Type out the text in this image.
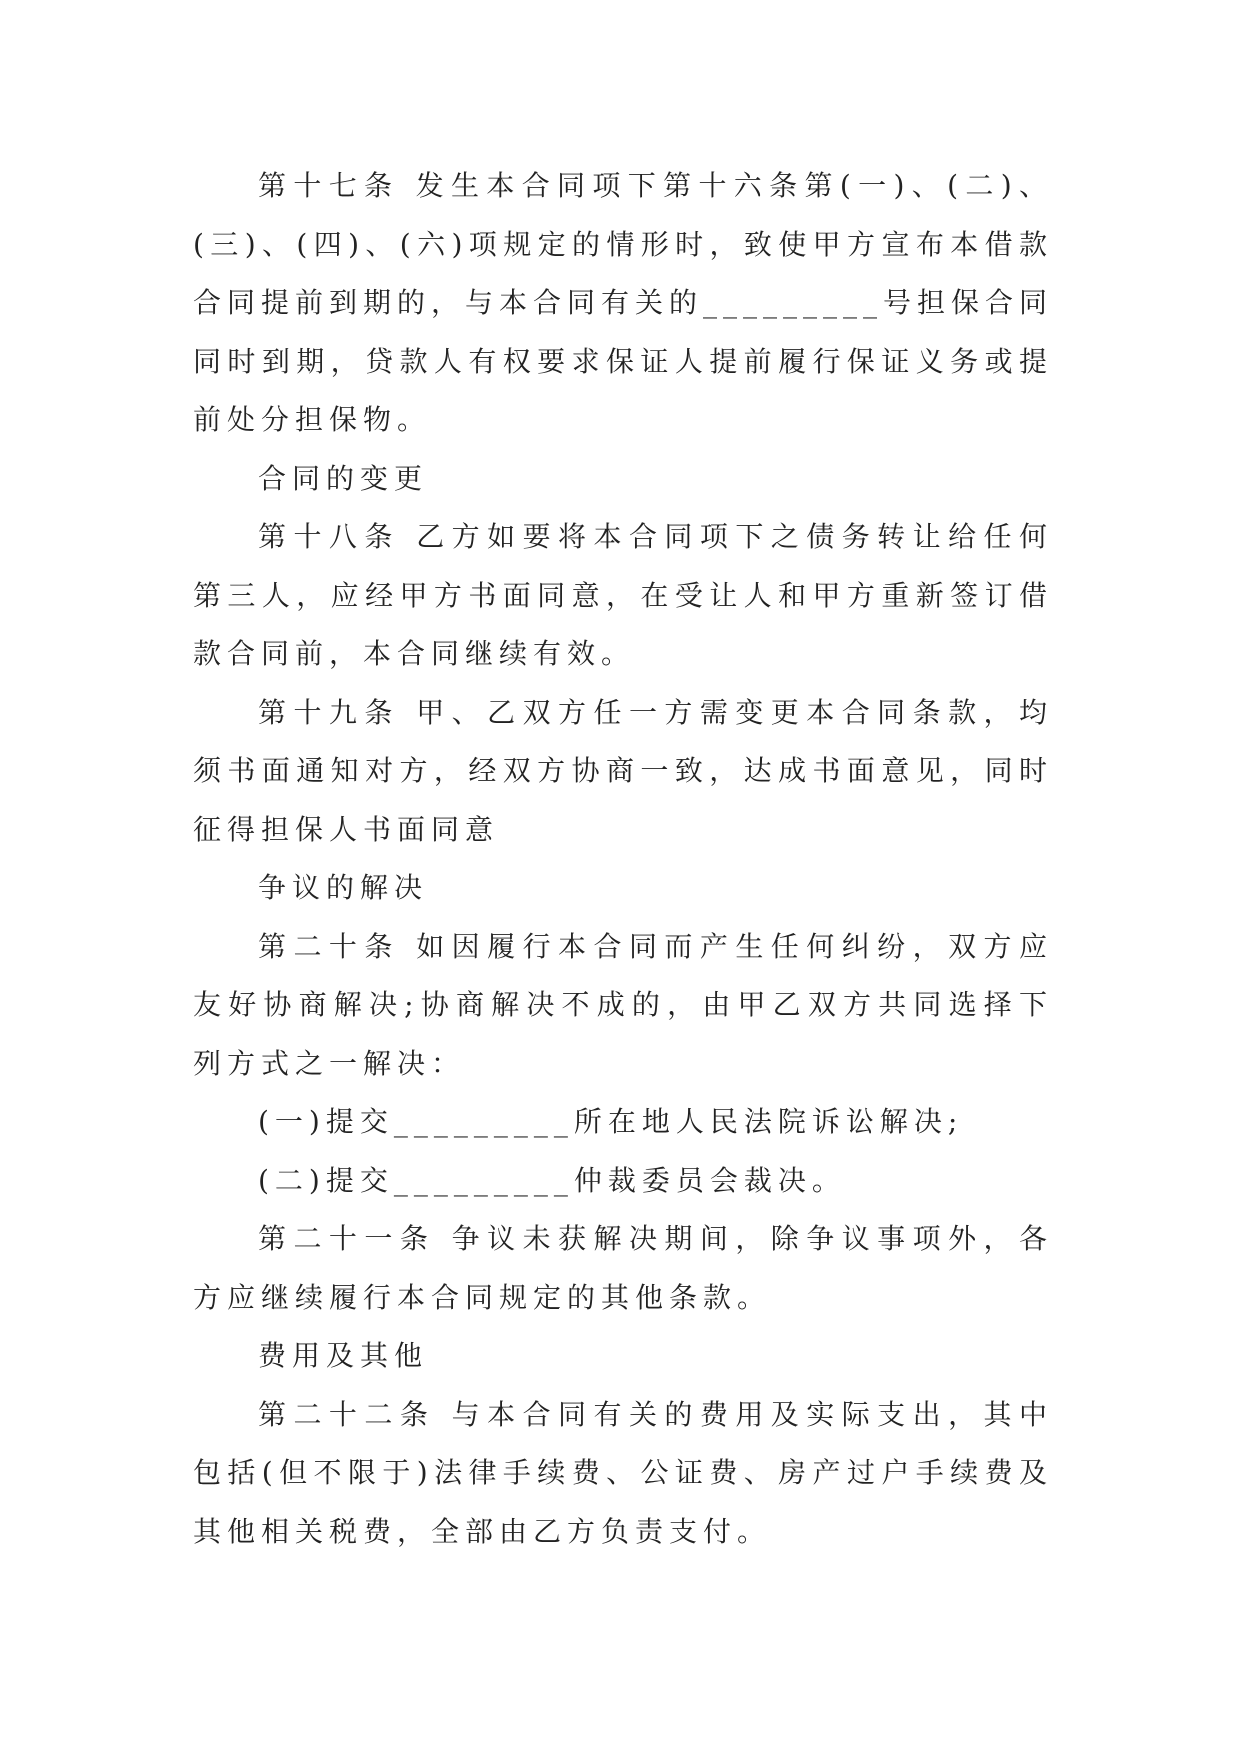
第十七条 发生本合同项下第十六条第(一)、(二)、(三)、(四)、(六)项规定的情形时，致使甲方宣布本借款合同提前到期的，与本合同有关的_________号担保合同同时到期，贷款人有权要求保证人提前履行保证义务或提前处分担保物。

合同的变更

第十八条 乙方如要将本合同项下之债务转让给任何第三人，应经甲方书面同意，在受让人和甲方重新签订借款合同前，本合同继续有效。

第十九条 甲、乙双方任一方需变更本合同条款，均须书面通知对方，经双方协商一致，达成书面意见，同时征得担保人书面同意

争议的解决

第二十条 如因履行本合同而产生任何纠纷，双方应友好协商解决;协商解决不成的，由甲乙双方共同选择下列方式之一解决：

(一)提交_________所在地人民法院诉讼解决;

(二)提交_________仲裁委员会裁决。

第二十一条 争议未获解决期间，除争议事项外，各方应继续履行本合同规定的其他条款。

费用及其他

第二十二条 与本合同有关的费用及实际支出，其中包括(但不限于)法律手续费、公证费、房产过户手续费及其他相关税费，全部由乙方负责支付。
